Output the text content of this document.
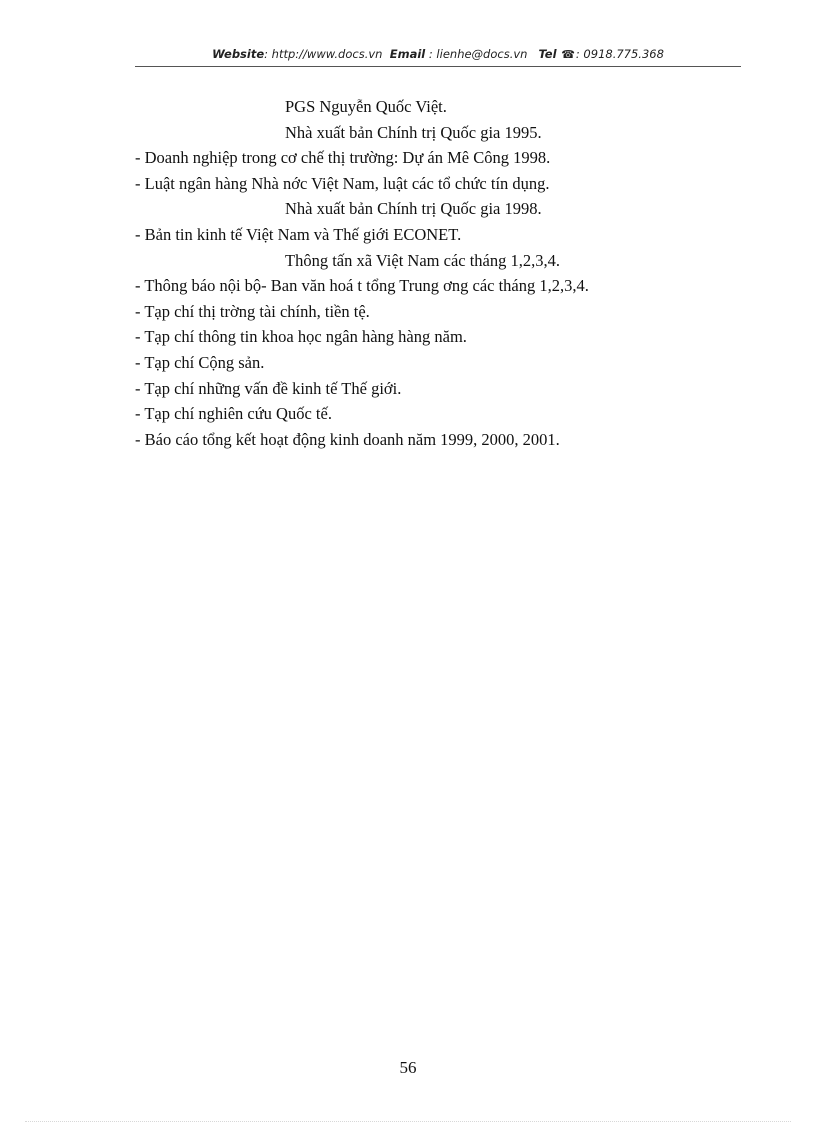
Website: http://www.docs.vn Email : lienhe@docs.vn Tel ☎: 0918.775.368
PGS Nguyễn Quốc Việt.
Nhà xuất bản Chính trị Quốc gia 1995.
- Doanh nghiệp trong cơ chế thị trường: Dự án Mê Công 1998.
- Luật ngân hàng Nhà nớc Việt Nam, luật các tổ chức tín dụng.
Nhà xuất bản Chính trị Quốc gia 1998.
- Bản tin kinh tế Việt Nam và Thế giới ECONET.
Thông tấn xã Việt Nam các tháng 1,2,3,4.
- Thông báo nội bộ- Ban văn hoá t tổng Trung ơng các tháng 1,2,3,4.
- Tạp chí thị trờng tài chính, tiền tệ.
- Tạp chí thông tin khoa học ngân hàng hàng năm.
- Tạp chí Cộng sản.
- Tạp chí những vấn đề kinh tế Thế giới.
- Tạp chí nghiên cứu Quốc tế.
- Báo cáo tổng kết hoạt động kinh doanh năm 1999, 2000, 2001.
56
